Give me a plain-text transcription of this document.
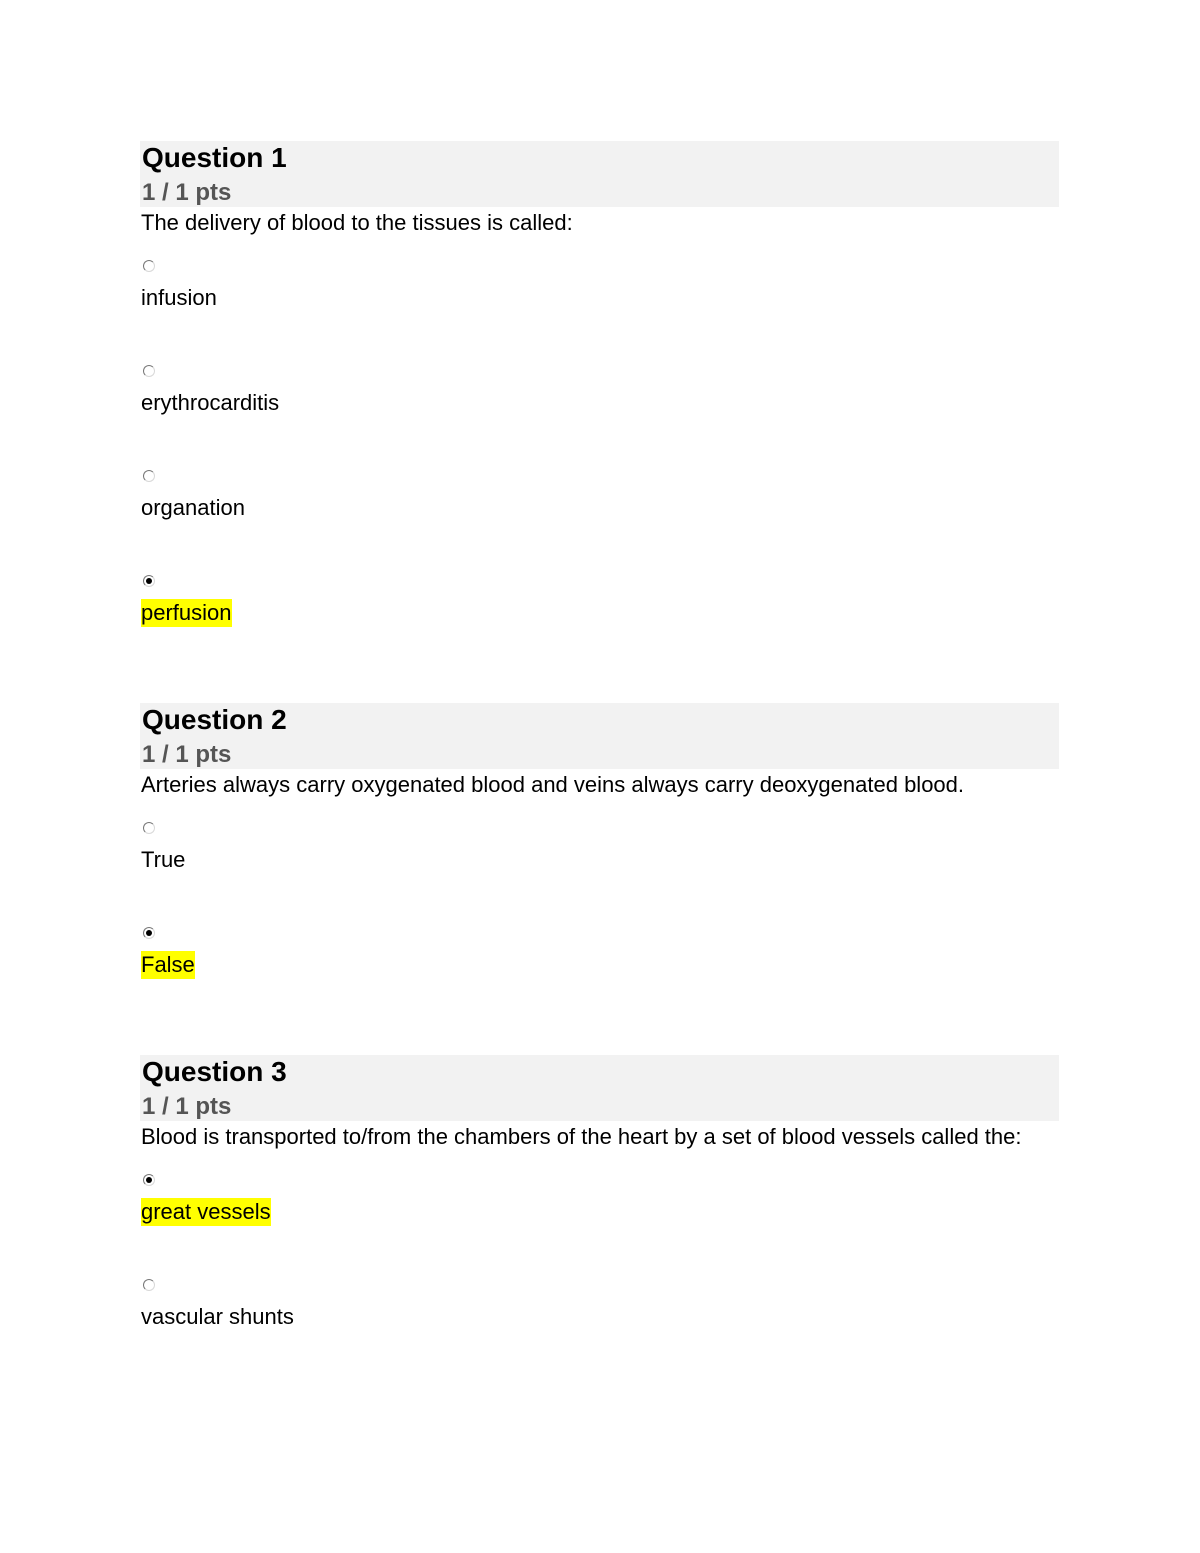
Question 1
1 / 1 pts
The delivery of blood to the tissues is called:
infusion
erythrocarditis
organation
perfusion
Question 2
1 / 1 pts
Arteries always carry oxygenated blood and veins always carry deoxygenated blood.
True
False
Question 3
1 / 1 pts
Blood is transported to/from the chambers of the heart by a set of blood vessels called the:
great vessels
vascular shunts
